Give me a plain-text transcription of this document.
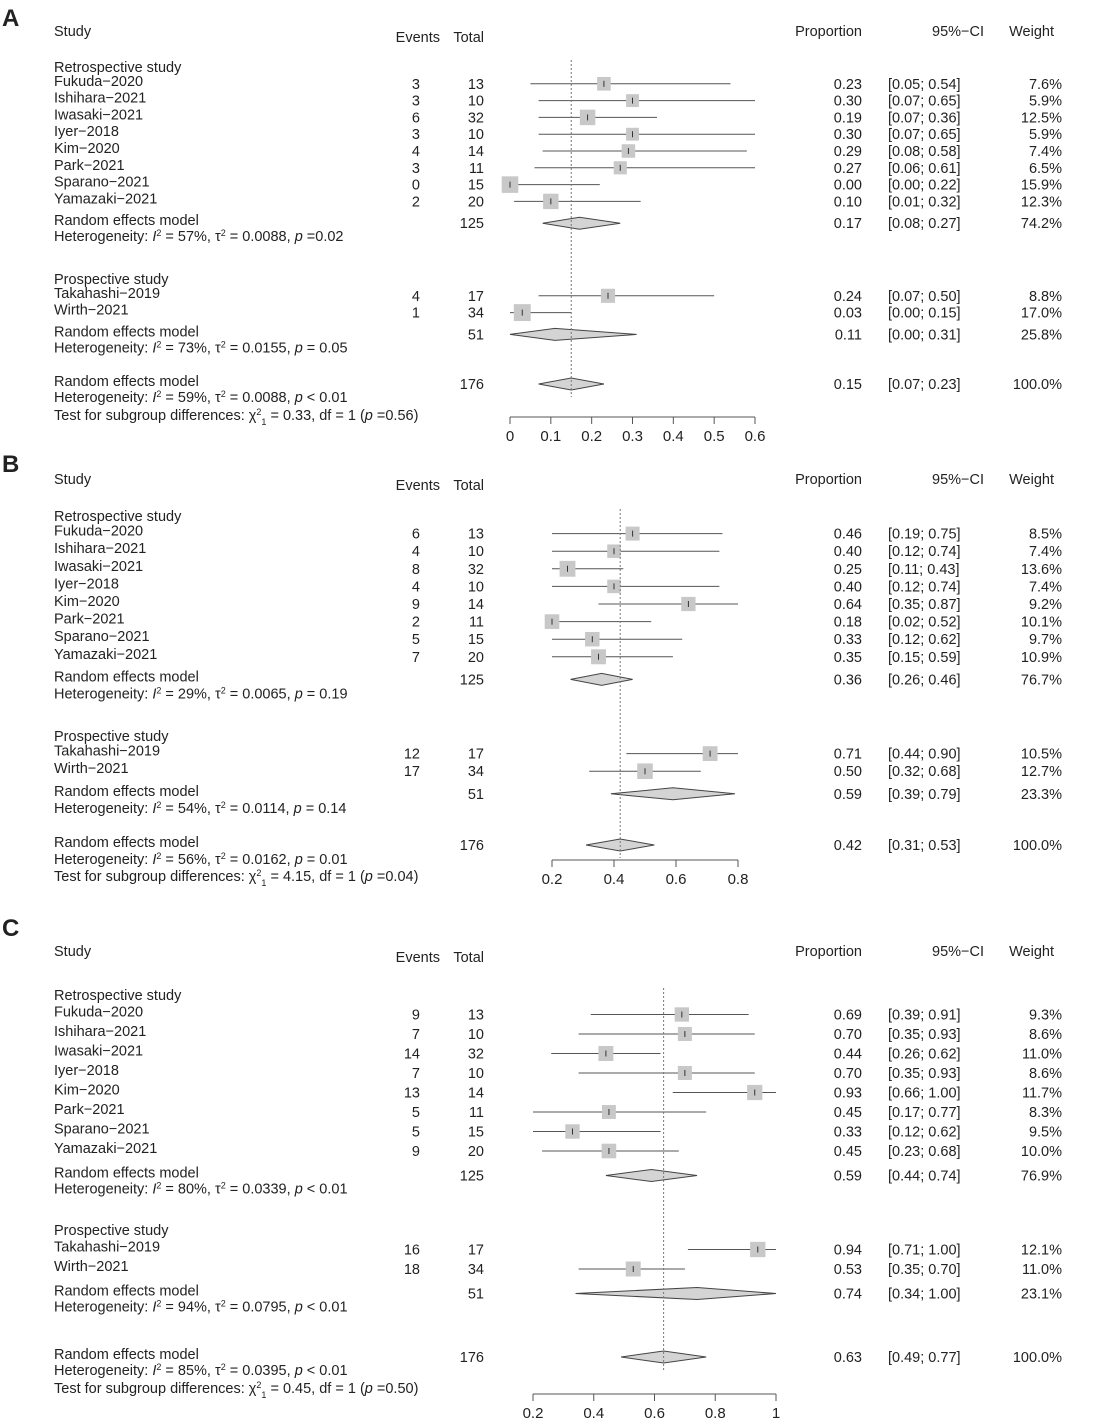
A Study	Events Total	Proportion	95%−CI Weight
Retrospective study
Fukuda−2020	3	13	0.23 [0.05; 0.54]	7.6%
Ishihara−2021	3	10	0.30 [0.07; 0.65]	5.9%
Iwasaki−2021	6	32	0.19 [0.07; 0.36]	12.5%
Iyer−2018	3	10	0.30 [0.07; 0.65]	5.9%
Kim−2020	4	14	0.29 [0.08; 0.58]	7.4%
Park−2021	3	11	0.27 [0.06; 0.61]	6.5%
Sparano−2021	0	15	0.00 [0.00; 0.22]	15.9%
Yamazaki−2021	2	20	0.10 [0.01; 0.32]	12.3%
Random effects model	125	0.17 [0.08; 0.27]	74.2%
Heterogeneity: $I^2 = 57\%$, $\tau^2 = 0.0088$, p =0.02
Prospective study
Takahashi−2019	4	17	0.24 [0.07; 0.50]	8.8%
Wirth−2021	1	34	0.03 [0.00; 0.15]	17.0%
Random effects model	51	0.11 [0.00; 0.31]	25.8%
Heterogeneity: $I^2 = 73\%$, $\tau^2 = 0.0155$, p = 0.05
Random effects model	176	0.15 [0.07; 0.23]	100.0%
Heterogeneity: $I^2 = 59\%$, $\tau^2 = 0.0088$, p < 0.01
Test for subgroup differences: $\chi^2_1 = 0.33$, df = 1 (p =0.56)
0 0.1 0.2 0.3 0.4 0.5 0.6
B
Study	Events Total	Proportion	95%−CI Weight
Retrospective study
Fukuda−2020	6	13	0.46 [0.19; 0.75]	8.5%
Ishihara−2021	4	10	0.40 [0.12; 0.74]	7.4%
Iwasaki−2021	8	32	0.25 [0.11; 0.43]	13.6%
Iyer−2018	4	10	0.40 [0.12; 0.74]	7.4%
Kim−2020	9	14	0.64 [0.35; 0.87]	9.2%
Park−2021	2	11	0.18 [0.02; 0.52]	10.1%
Sparano−2021	5	15	0.33 [0.12; 0.62]	9.7%
Yamazaki−2021	7	20	0.35 [0.15; 0.59]	10.9%
Random effects model	125	0.36 [0.26; 0.46]	76.7%
Heterogeneity: $I^2 = 29\%$, $\tau^2 = 0.0065$, p = 0.19
Prospective study
Takahashi−2019	12	17	0.71 [0.44; 0.90]	10.5%
Wirth−2021	17	34	0.50 [0.32; 0.68]	12.7%
Random effects model	51	0.59 [0.39; 0.79]	23.3%
Heterogeneity: $I^2 = 54\%$, $\tau^2 = 0.0114$, p = 0.14
Random effects model	176	0.42 [0.31; 0.53]	100.0%
Heterogeneity: $I^2 = 56\%$, $\tau^2 = 0.0162$, p = 0.01
Test for subgroup differences: $\chi^2_1 = 4.15$, df = 1 (p =0.04)	0.2	0.4	0.6	0.8
C
Study	Events Total	Proportion	95%−CI Weight
Retrospective study
Fukuda−2020	9	13	0.69 [0.39; 0.91]	9.3%
Ishihara−2021	7	10	0.70 [0.35; 0.93]	8.6%
Iwasaki−2021	14	32	0.44 [0.26; 0.62]	11.0%
Iyer−2018	7	10	0.70 [0.35; 0.93]	8.6%
Kim−2020	13	14	0.93 [0.66; 1.00]	11.7%
Park−2021	5	11	0.45 [0.17; 0.77]	8.3%
Sparano−2021	5	15	0.33 [0.12; 0.62]	9.5%
Yamazaki−2021	9	20	0.45 [0.23; 0.68]	10.0%
Random effects model	125	0.59 [0.44; 0.74]	76.9%
Heterogeneity: $I^2 = 80\%$, $\tau^2 = 0.0339$, p < 0.01
Prospective study
Takahashi−2019	16	17	0.94 [0.71; 1.00]	12.1%
Wirth−2021	18	34	0.53 [0.35; 0.70]	11.0%
Random effects model	51	0.74 [0.34; 1.00]	23.1%
Heterogeneity: $I^2 = 94\%$, $\tau^2 = 0.0795$, p < 0.01
Random effects model	176	0.63 [0.49; 0.77]	100.0%
Heterogeneity: $I^2 = 85\%$, $\tau^2 = 0.0395$, p < 0.01
Test for subgroup differences: $\chi^2_1 = 0.45$, df = 1 (p =0.50)
0.2	0.4	0.6	0.8	1
